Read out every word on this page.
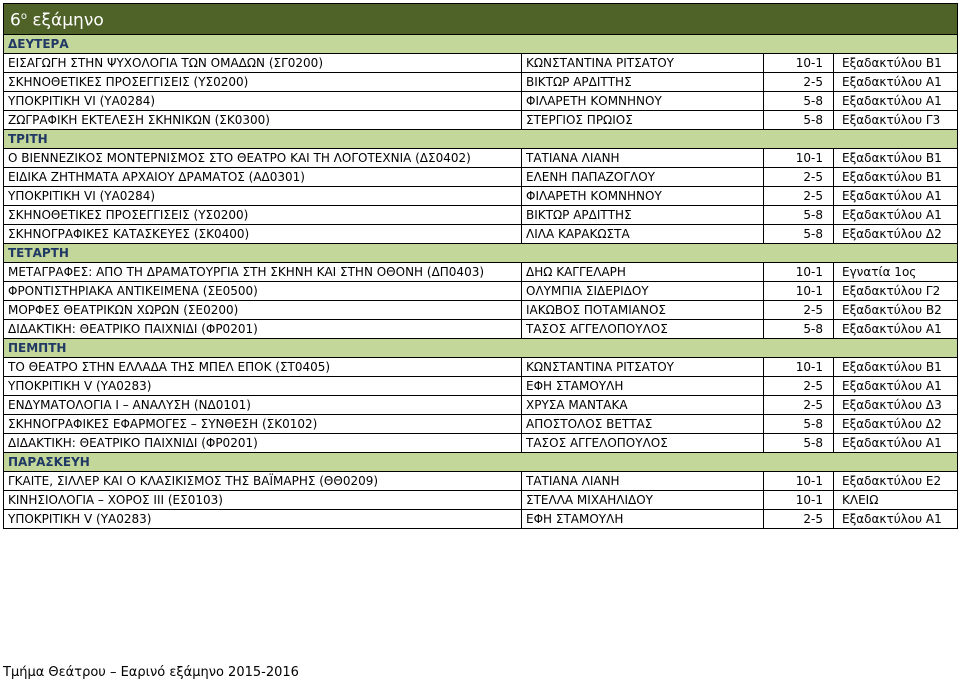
$6^o$ εξάμηνο			
ΔΕΥΤΕΡΑ			
ΕΙΣΑΓΩΓΗ ΣΤΗΝ ΨΥΧΟΛΟΓΙΑ ΤΩΝ ΟΜΑΔΩΝ (ΣΓ0200)	ΚΩΝΣΤΑΝΤΙΝΑ ΡΙΤΣΑΤΟΥ	10-1	Εξαδακτύλου Β1
ΣΚΗΝΟΘΕΤΙΚΕΣ ΠΡΟΣΕΓΓΙΣΕΙΣ (ΥΣ0200)	ΒΙΚΤΩΡ ΑΡΔΙΤΤΗΣ	2-5	Εξαδακτύλου Α1
ΥΠΟΚΡΙΤΙΚΗ VI (ΥΑ0284)	ΦΙΛΑΡΕΤΗ ΚΟΜΝΗΝΟΥ	5-8	Εξαδακτύλου Α1
ΖΩΓΡΑΦΙΚΗ ΕΚΤΕΛΕΣΗ ΣΚΗΝΙΚΩΝ (ΣΚ0300)	ΣΤΕΡΓΙΟΣ ΠΡΩΙΟΣ	5-8	Εξαδακτύλου Γ3
ΤΡΙΤΗ			
Ο ΒΙΕΝΝΕΖΙΚΟΣ ΜΟΝΤΕΡΝΙΣΜΟΣ ΣΤΟ ΘΕΑΤΡΟ ΚΑΙ ΤΗ ΛΟΓΟΤΕΧΝΙΑ (ΔΣ0402)	ΤΑΤΙΑΝΑ ΛΙΑΝΗ	10-1	Εξαδακτύλου Β1
ΕΙΔΙΚΑ ΖΗΤΗΜΑΤΑ ΑΡΧΑΙΟΥ ΔΡΑΜΑΤΟΣ (ΑΔ0301)	ΕΛΕΝΗ ΠΑΠΑΖΟΓΛΟΥ	2-5	Εξαδακτύλου Β1
ΥΠΟΚΡΙΤΙΚΗ VI (ΥΑ0284)	ΦΙΛΑΡΕΤΗ ΚΟΜΝΗΝΟΥ	2-5	Εξαδακτύλου Α1
ΣΚΗΝΟΘΕΤΙΚΕΣ ΠΡΟΣΕΓΓΙΣΕΙΣ (ΥΣ0200)	ΒΙΚΤΩΡ ΑΡΔΙΤΤΗΣ	5-8	Εξαδακτύλου Α1
ΣΚΗΝΟΓΡΑΦΙΚΕΣ ΚΑΤΑΣΚΕΥΕΣ (ΣΚ0400)	ΛΙΛΑ ΚΑΡΑΚΩΣΤΑ	5-8	Εξαδακτύλου Δ2
ΤΕΤΑΡΤΗ			
ΜΕΤΑΓΡΑΦΕΣ: ΑΠΟ ΤΗ ΔΡΑΜΑΤΟΥΡΓΙΑ ΣΤΗ ΣΚΗΝΗ ΚΑΙ ΣΤΗΝ ΟΘΟΝΗ (ΔΠ0403)	ΔΗΩ ΚΑΓΓΕΛΑΡΗ	10-1	Εγνατία 1ος
ΦΡΟΝΤΙΣΤΗΡΙΑΚΑ ΑΝΤΙΚΕΙΜΕΝΑ (ΣΕ0500)	ΟΛΥΜΠΙΑ ΣΙΔΕΡΙΔΟΥ	10-1	Εξαδακτύλου Γ2
ΜΟΡΦΕΣ ΘΕΑΤΡΙΚΩΝ ΧΩΡΩΝ (ΣΕ0200)	ΙΑΚΩΒΟΣ ΠΟΤΑΜΙΑΝΟΣ	2-5	Εξαδακτύλου Β2
ΔΙΔΑΚΤΙΚΗ: ΘΕΑΤΡΙΚΟ ΠΑΙΧΝΙΔΙ (ΦΡ0201)	ΤΑΣΟΣ ΑΓΓΕΛΟΠΟΥΛΟΣ	5-8	Εξαδακτύλου Α1
ΠΕΜΠΤΗ			
ΤΟ ΘΕΑΤΡΟ ΣΤΗΝ ΕΛΛΑΔΑ ΤΗΣ ΜΠΕΛ ΕΠΟΚ (ΣΤ0405)	ΚΩΝΣΤΑΝΤΙΝΑ ΡΙΤΣΑΤΟΥ	10-1	Εξαδακτύλου Β1
ΥΠΟΚΡΙΤΙΚΗ V (ΥΑ0283)	ΕΦΗ ΣΤΑΜΟΥΛΗ	2-5	Εξαδακτύλου Α1
ΕΝΔΥΜΑΤΟΛΟΓΙΑ Ι – ΑΝΑΛΥΣΗ (ΝΔ0101)	ΧΡΥΣΑ ΜΑΝΤΑΚΑ	2-5	Εξαδακτύλου Δ3
ΣΚΗΝΟΓΡΑΦΙΚΕΣ ΕΦΑΡΜΟΓΕΣ – ΣΥΝΘΕΣΗ (ΣΚ0102)	ΑΠΟΣΤΟΛΟΣ ΒΕΤΤΑΣ	5-8	Εξαδακτύλου Δ2
ΔΙΔΑΚΤΙΚΗ: ΘΕΑΤΡΙΚΟ ΠΑΙΧΝΙΔΙ (ΦΡ0201)	ΤΑΣΟΣ ΑΓΓΕΛΟΠΟΥΛΟΣ	5-8	Εξαδακτύλου Α1
ΠΑΡΑΣΚΕΥΗ			
ΓΚΑΙΤΕ, ΣΙΛΛΕΡ ΚΑΙ Ο ΚΛΑΣΙΚΙΣΜΟΣ ΤΗΣ ΒΑΪΜΑΡΗΣ (ΘΘ0209)	ΤΑΤΙΑΝΑ ΛΙΑΝΗ	10-1	Εξαδακτύλου Ε2
ΚΙΝΗΣΙΟΛΟΓΙΑ – ΧΟΡΟΣ ΙΙΙ (ΕΣ0103)	ΣΤΕΛΛΑ ΜΙΧΑΗΛΙΔΟΥ	10-1	ΚΛΕΙΩ
ΥΠΟΚΡΙΤΙΚΗ V (ΥΑ0283)	ΕΦΗ ΣΤΑΜΟΥΛΗ	2-5	Εξαδακτύλου Α1
Τμήμα Θεάτρου – Εαρινό εξάμηνο 2015-2016
